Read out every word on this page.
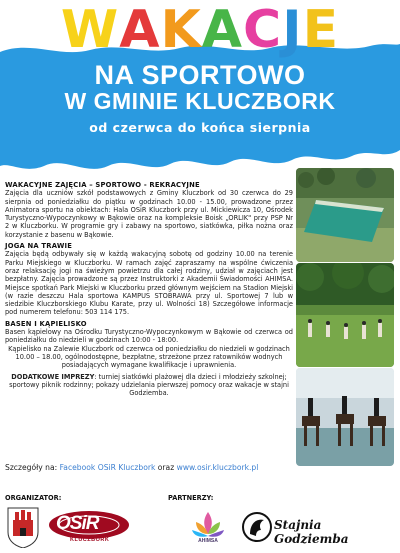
WAKACJE
NA SPORTOWO
W GMINIE KLUCZBORK
od czerwca do końca sierpnia
WAKACYJNE ZAJĘCIA – SPORTOWO - REKRACYJNE
Zajęcia dla uczniów szkół podstawowych z Gminy Kluczbork od 30 czerwca do 29 sierpnia od poniedziałku do piątku w godzinach 10.00 - 15.00, prowadzone przez Animatora sportu na obiektach: Hala OSiR Kluczbork przy ul. Mickiewicza 10, Ośrodek Turystyczno-Wypoczynkowy w Bąkowie oraz na kompleksie Boisk „ORLIK" przy PSP Nr 2 w Kluczborku. W programie gry i zabawy na sportowo, siatkówka, piłka nożna oraz korzystanie z basenu w Bąkowie.
JOGA NA TRAWIE
Zajęcia będą odbywały się w każdą wakacyjną sobotę od godziny 10.00 na terenie Parku Miejskiego w Kluczborku. W ramach zajęć zapraszamy na wspólne ćwiczenia oraz relaksację jogi na świeżym powietrzu dla całej rodziny, udział w zajęciach jest bezpłatny. Zajęcia prowadzone są przez Instruktorki z Akademii Świadomości AHIMSA. Miejsce spotkań Park Miejski w Kluczborku przed głównym wejściem na Stadion Miejski (w razie deszczu Hala sportowa KAMPUS STOBRAWA przy ul. Sportowej 7 lub w siedzibie Kluczborskiego Klubu Karate, przy ul. Wolności 18) Szczegółowe informacje pod numerem telefonu: 503 114 175.
BASEN I KĄPIELISKO
Basen kąpielowy na Ośrodku Turystyczno-Wypoczynkowym w Bąkowie od czerwca od poniedziałku do niedzieli w godzinach 10:00 - 18:00.
Kąpielisko na Zalewie Kluczbork od czerwca od poniedziałku do niedzieli w godzinach 10.00 – 18.00, ogólnodostępne, bezpłatne, strzeżone przez ratowników wodnych posiadających wymagane kwalifikacje i uprawnienia.
DODATKOWE IMPREZY: turniej siatkówki plażowej dla dzieci i młodzieży szkolnej; sportowy piknik rodzinny; pokazy udzielania pierwszej pomocy oraz wakacje w stajni Godziemba.
Szczegóły na: Facebook OSiR Kluczbork oraz www.osir.kluczbork.pl
ORGANIZATOR:	PARTNERZY:
OSiR
KLUCZBORK	AHIMSA
Stajnia Godziemba
